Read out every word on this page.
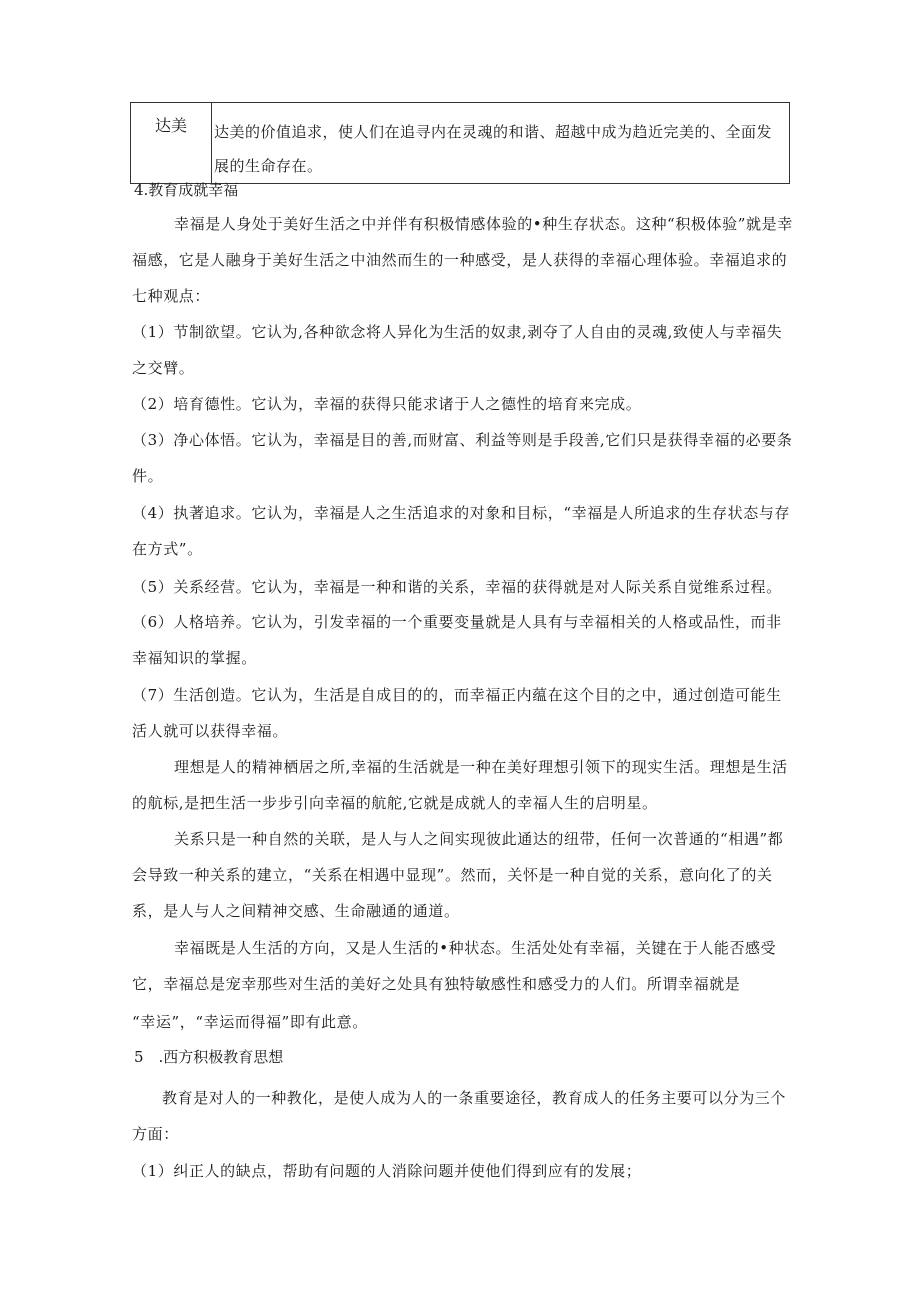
达美	达美的价值追求，使人们在追寻内在灵魂的和谐、超越中成为趋近完美的、全面发展的生命存在。
4.教育成就幸福
幸福是人身处于美好生活之中并伴有积极情感体验的•种生存状态。这种“积极体验”就是幸福感，它是人融身于美好生活之中油然而生的一种感受，是人获得的幸福心理体验。幸福追求的七种观点：
（1）节制欲望。它认为,各种欲念将人异化为生活的奴隶,剥夺了人自由的灵魂,致使人与幸福失之交臂。
（2）培育德性。它认为，幸福的获得只能求诸于人之德性的培育来完成。
（3）净心体悟。它认为，幸福是目的善,而财富、利益等则是手段善,它们只是获得幸福的必要条件。
（4）执著追求。它认为，幸福是人之生活追求的对象和目标，“幸福是人所追求的生存状态与存在方式”。
（5）关系经营。它认为，幸福是一种和谐的关系，幸福的获得就是对人际关系自觉维系过程。
（6）人格培养。它认为，引发幸福的一个重要变量就是人具有与幸福相关的人格或品性，而非幸福知识的掌握。
（7）生活创造。它认为，生活是自成目的的，而幸福正内蕴在这个目的之中，通过创造可能生活人就可以获得幸福。
理想是人的精神栖居之所,幸福的生活就是一种在美好理想引领下的现实生活。理想是生活的航标,是把生活一步步引向幸福的航舵,它就是成就人的幸福人生的启明星。
关系只是一种自然的关联，是人与人之间实现彼此通达的纽带，任何一次普通的“相遇”都会导致一种关系的建立，“关系在相遇中显现”。然而，关怀是一种自觉的关系，意向化了的关系，是人与人之间精神交感、生命融通的通道。
幸福既是人生活的方向，又是人生活的•种状态。生活处处有幸福，关键在于人能否感受它，幸福总是宠幸那些对生活的美好之处具有独特敏感性和感受力的人们。所谓幸福就是
“幸运”，“幸运而得福”即有此意。
5　.西方积极教育思想
教育是对人的一种教化，是使人成为人的一条重要途径，教育成人的任务主要可以分为三个方面：
（1）纠正人的缺点，帮助有问题的人消除问题并使他们得到应有的发展；
